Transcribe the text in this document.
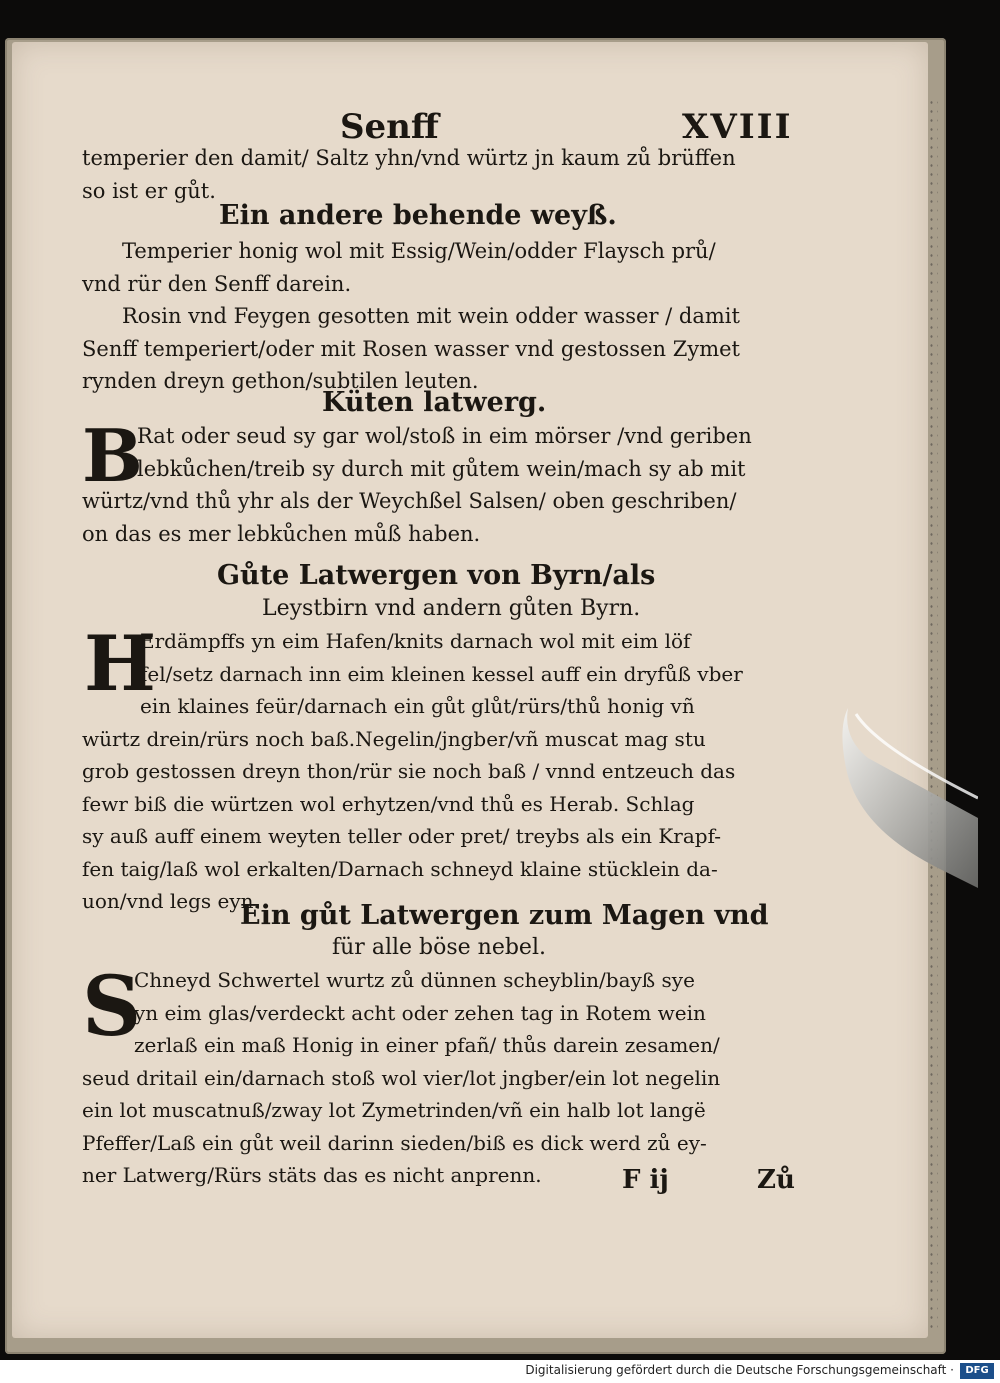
Senff	XVIII
temperier den damit/ Saltz yhn/vnd würtz jn kaum zů brüffen
so ist er gůt.
Ein andere behende weyß.
Temperier honig wol mit Essig/Wein/odder Flaysch prů/
vnd rür den Senff darein.
Rosin vnd Feygen gesotten mit wein odder wasser / damit
Senff temperiert/oder mit Rosen wasser vnd gestossen Zymet
rynden dreyn gethon/subtilen leuten.
Küten latwerg.
B
Rat oder seud sy gar wol/stoß in eim mörser /vnd geriben
lebkůchen/treib sy durch mit gůtem wein/mach sy ab mit
würtz/vnd thů yhr als der Weychßel Salsen/ oben geschriben/
on das es mer lebkůchen můß haben.
Gůte Latwergen von Byrn/als
Leystbirn vnd andern gůten Byrn.
H
Erdämpffs yn eim Hafen/knits darnach wol mit eim löf
fel/setz darnach inn eim kleinen kessel auff ein dryfůß vber
ein klaines feür/darnach ein gůt glůt/rürs/thů honig vñ
würtz drein/rürs noch baß.Negelin/jngber/vñ muscat mag stu
grob gestossen dreyn thon/rür sie noch baß / vnnd entzeuch das
fewr biß die würtzen wol erhytzen/vnd thů es Herab. Schlag
sy auß auff einem weyten teller oder pret/ treybs als ein Krapf-
fen taig/laß wol erkalten/Darnach schneyd klaine stücklein da-
uon/vnd legs eyn.
Ein gůt Latwergen zum Magen vnd
für alle böse nebel.
S
Chneyd Schwertel wurtz zů dünnen scheyblin/bayß sye
yn eim glas/verdeckt acht oder zehen tag in Rotem wein
zerlaß ein maß Honig in einer pfañ/ thůs darein zesamen/
seud dritail ein/darnach stoß wol vier/lot jngber/ein lot negelin
ein lot muscatnuß/zway lot Zymetrinden/vñ ein halb lot langë
Pfeffer/Laß ein gůt weil darinn sieden/biß es dick werd zů ey-
ner Latwerg/Rürs stäts das es nicht anprenn.	F ij	Zů
Digitalisierung gefördert durch die Deutsche Forschungsgemeinschaft ·	DFG
